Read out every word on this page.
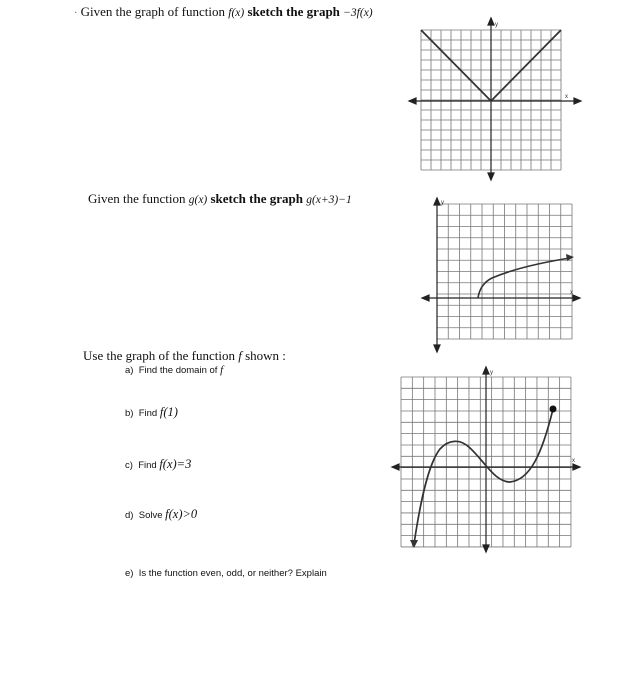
· Given the graph of function f(x) sketch the graph −3f(x)
y
x
Given the function g(x) sketch the graph g(x+3)−1	y
x
Use the graph of the function f shown :
a) Find the domain of f
b) Find f(1)
c) Find f(x)=3
d) Solve f(x)>0
e) Is the function even, odd, or neither? Explain
y
x
